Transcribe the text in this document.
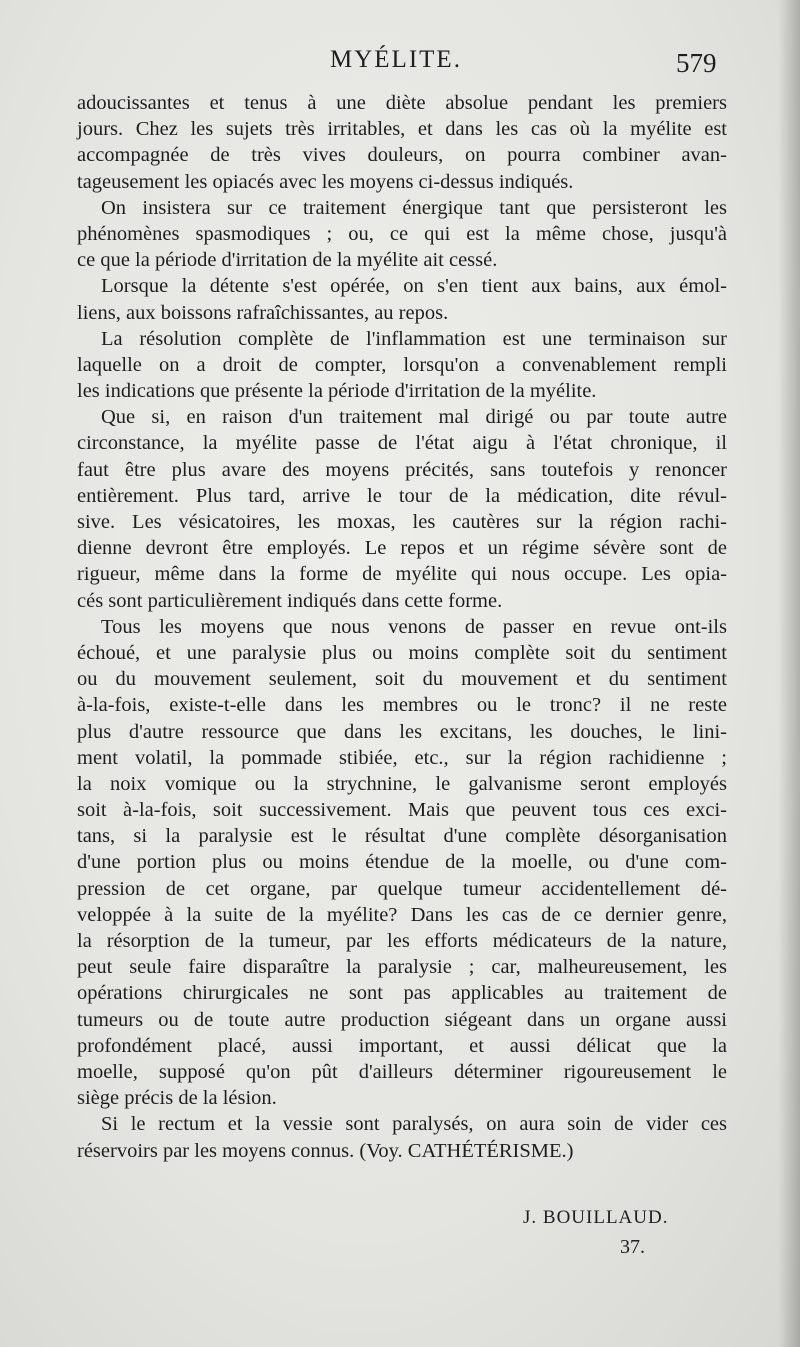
MYÉLITE.	579
adoucissantes et tenus à une diète absolue pendant les premiers
jours. Chez les sujets très irritables, et dans les cas où la myélite est
accompagnée de très vives douleurs, on pourra combiner avan-
tageusement les opiacés avec les moyens ci-dessus indiqués.
On insistera sur ce traitement énergique tant que persisteront les
phénomènes spasmodiques ; ou, ce qui est la même chose, jusqu'à
ce que la période d'irritation de la myélite ait cessé.
Lorsque la détente s'est opérée, on s'en tient aux bains, aux émol-
liens, aux boissons rafraîchissantes, au repos.
La résolution complète de l'inflammation est une terminaison sur
laquelle on a droit de compter, lorsqu'on a convenablement rempli
les indications que présente la période d'irritation de la myélite.
Que si, en raison d'un traitement mal dirigé ou par toute autre
circonstance, la myélite passe de l'état aigu à l'état chronique, il
faut être plus avare des moyens précités, sans toutefois y renoncer
entièrement. Plus tard, arrive le tour de la médication, dite révul-
sive. Les vésicatoires, les moxas, les cautères sur la région rachi-
dienne devront être employés. Le repos et un régime sévère sont de
rigueur, même dans la forme de myélite qui nous occupe. Les opia-
cés sont particulièrement indiqués dans cette forme.
Tous les moyens que nous venons de passer en revue ont-ils
échoué, et une paralysie plus ou moins complète soit du sentiment
ou du mouvement seulement, soit du mouvement et du sentiment
à-la-fois, existe-t-elle dans les membres ou le tronc? il ne reste
plus d'autre ressource que dans les excitans, les douches, le lini-
ment volatil, la pommade stibiée, etc., sur la région rachidienne ;
la noix vomique ou la strychnine, le galvanisme seront employés
soit à-la-fois, soit successivement. Mais que peuvent tous ces exci-
tans, si la paralysie est le résultat d'une complète désorganisation
d'une portion plus ou moins étendue de la moelle, ou d'une com-
pression de cet organe, par quelque tumeur accidentellement dé-
veloppée à la suite de la myélite? Dans les cas de ce dernier genre,
la résorption de la tumeur, par les efforts médicateurs de la nature,
peut seule faire disparaître la paralysie ; car, malheureusement, les
opérations chirurgicales ne sont pas applicables au traitement de
tumeurs ou de toute autre production siégeant dans un organe aussi
profondément placé, aussi important, et aussi délicat que la
moelle, supposé qu'on pût d'ailleurs déterminer rigoureusement le
siège précis de la lésion.
Si le rectum et la vessie sont paralysés, on aura soin de vider ces
réservoirs par les moyens connus. (Voy. CATHÉTÉRISME.)
J. BOUILLAUD.
37.
